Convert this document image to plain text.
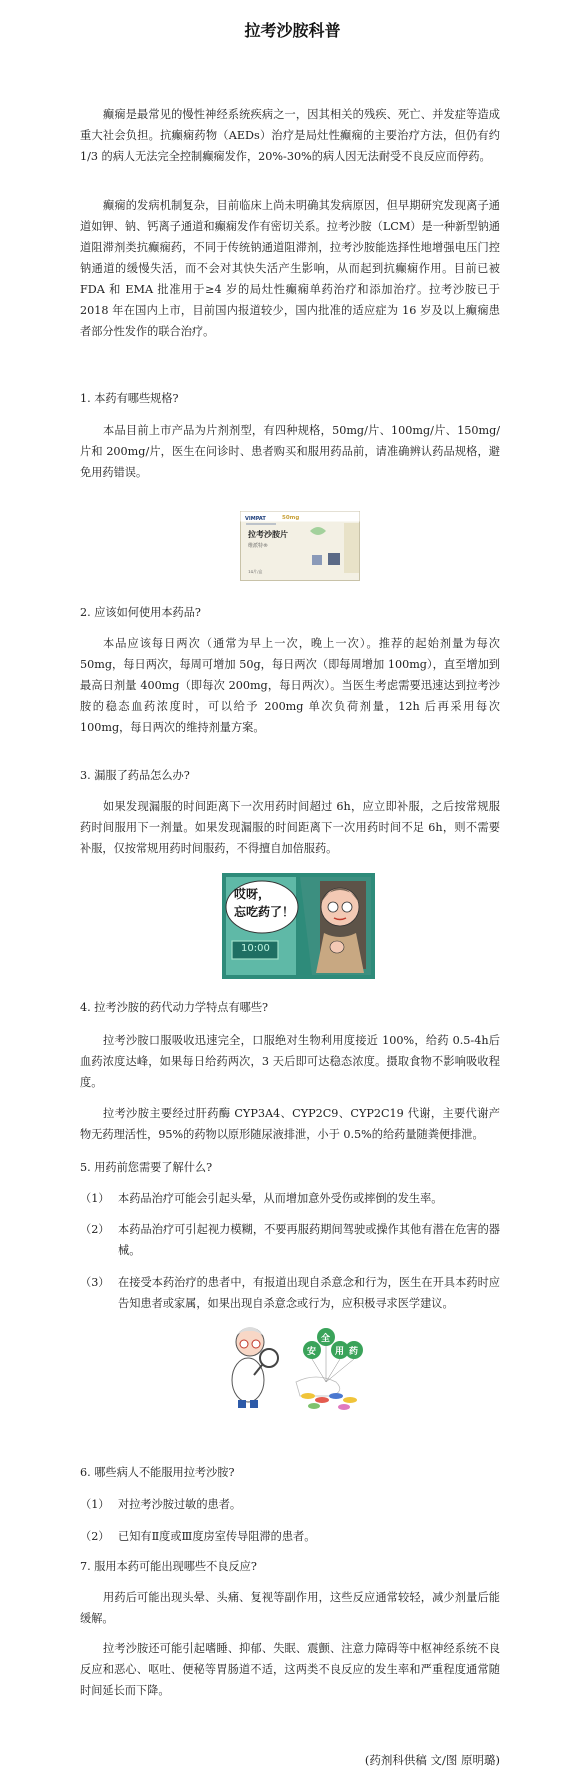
拉考沙胺科普

癫痫是最常见的慢性神经系统疾病之一，因其相关的残疾、死亡、并发症等造成重大社会负担。抗癫痫药物（AEDs）治疗是局灶性癫痫的主要治疗方法，但仍有约 1/3 的病人无法完全控制癫痫发作，20%-30%的病人因无法耐受不良反应而停药。

癫痫的发病机制复杂，目前临床上尚未明确其发病原因，但早期研究发现离子通道如钾、钠、钙离子通道和癫痫发作有密切关系。拉考沙胺（LCM）是一种新型钠通道阻滞剂类抗癫痫药，不同于传统钠通道阻滞剂，拉考沙胺能选择性地增强电压门控钠通道的缓慢失活，而不会对其快失活产生影响，从而起到抗癫痫作用。目前已被 FDA 和 EMA 批准用于≥4 岁的局灶性癫痫单药治疗和添加治疗。拉考沙胺已于 2018 年在国内上市，目前国内报道较少，国内批准的适应症为 16 岁及以上癫痫患者部分性发作的联合治疗。

1. 本药有哪些规格?

本品目前上市产品为片剂剂型，有四种规格，50mg/片、100mg/片、150mg/片和 200mg/片，医生在问诊时、患者购买和服用药品前，请准确辨认药品规格，避免用药错误。

VIMPAT	50mg
拉考沙胺片
维派特®
14片/盒

2. 应该如何使用本药品?

本品应该每日两次（通常为早上一次，晚上一次）。推荐的起始剂量为每次50mg，每日两次，每周可增加 50g，每日两次（即每周增加 100mg），直至增加到最高日剂量 400mg（即每次 200mg，每日两次）。当医生考虑需要迅速达到拉考沙胺的稳态血药浓度时，可以给予 200mg 单次负荷剂量，12h 后再采用每次 100mg，每日两次的维持剂量方案。

3. 漏服了药品怎么办?

如果发现漏服的时间距离下一次用药时间超过 6h，应立即补服，之后按常规服药时间服用下一剂量。如果发现漏服的时间距离下一次用药时间不足 6h，则不需要补服，仅按常规用药时间服药，不得擅自加倍服药。

哎呀，
忘吃药了！
10:00

4. 拉考沙胺的药代动力学特点有哪些?

拉考沙胺口服吸收迅速完全，口服绝对生物利用度接近 100%，给药 0.5-4h后血药浓度达峰，如果每日给药两次，3 天后即可达稳态浓度。摄取食物不影响吸收程度。

拉考沙胺主要经过肝药酶 CYP3A4、CYP2C9、CYP2C19 代谢，主要代谢产物无药理活性，95%的药物以原形随尿液排泄，小于 0.5%的给药量随粪便排泄。

5. 用药前您需要了解什么?

（1） 本药品治疗可能会引起头晕，从而增加意外受伤或摔倒的发生率。
（2） 本药品治疗可引起视力模糊，不要再服药期间驾驶或操作其他有潜在危害的器械。
（3） 在接受本药治疗的患者中，有报道出现自杀意念和行为，医生在开具本药时应告知患者或家属，如果出现自杀意念或行为，应积极寻求医学建议。
安
全
用 药

6. 哪些病人不能服用拉考沙胺?

（1） 对拉考沙胺过敏的患者。
（2） 已知有Ⅱ度或Ⅲ度房室传导阻滞的患者。

7. 服用本药可能出现哪些不良反应?

用药后可能出现头晕、头痛、复视等副作用，这些反应通常较轻，减少剂量后能缓解。

拉考沙胺还可能引起嗜睡、抑郁、失眠、震颤、注意力障碍等中枢神经系统不良反应和恶心、呕吐、便秘等胃肠道不适，这两类不良反应的发生率和严重程度通常随时间延长而下降。

(药剂科供稿 文/图 原明璐)
